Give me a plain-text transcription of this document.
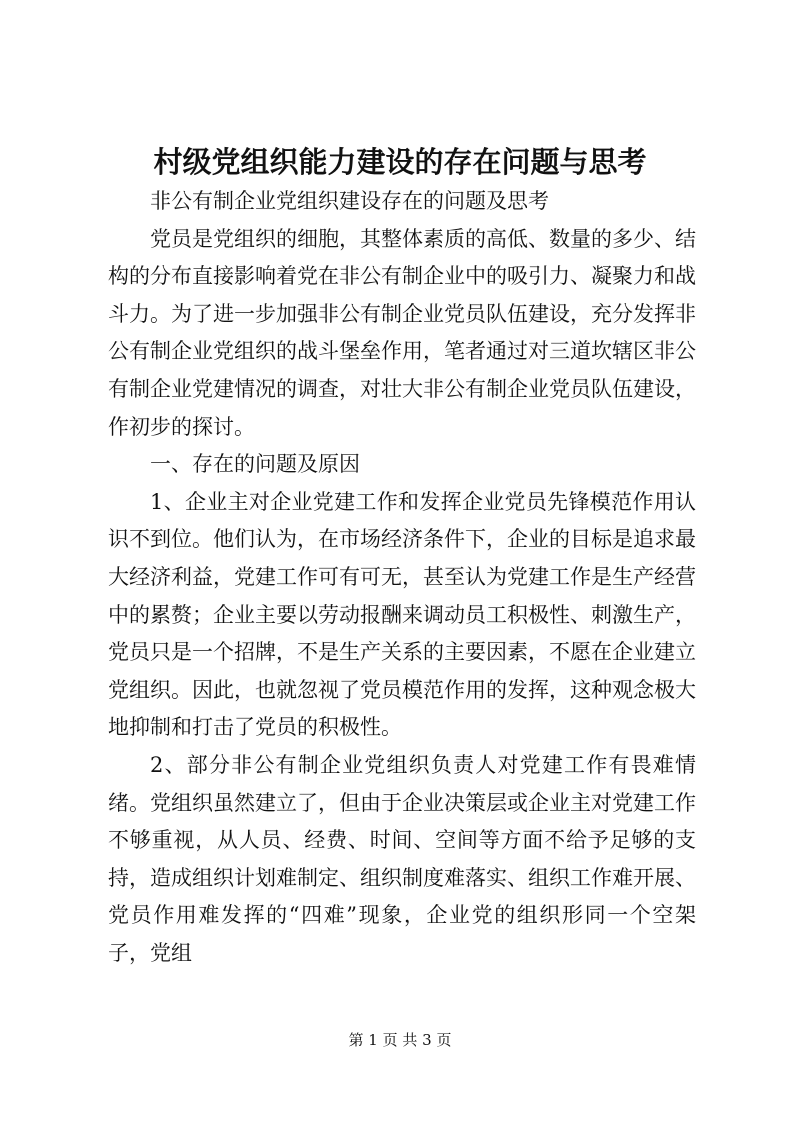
村级党组织能力建设的存在问题与思考

非公有制企业党组织建设存在的问题及思考

党员是党组织的细胞，其整体素质的高低、数量的多少、结构的分布直接影响着党在非公有制企业中的吸引力、凝聚力和战斗力。为了进一步加强非公有制企业党员队伍建设，充分发挥非公有制企业党组织的战斗堡垒作用，笔者通过对三道坎辖区非公有制企业党建情况的调查，对壮大非公有制企业党员队伍建设，作初步的探讨。

一、存在的问题及原因

1、企业主对企业党建工作和发挥企业党员先锋模范作用认识不到位。他们认为，在市场经济条件下，企业的目标是追求最大经济利益，党建工作可有可无，甚至认为党建工作是生产经营中的累赘；企业主要以劳动报酬来调动员工积极性、刺激生产，党员只是一个招牌，不是生产关系的主要因素，不愿在企业建立党组织。因此，也就忽视了党员模范作用的发挥，这种观念极大地抑制和打击了党员的积极性。

2、部分非公有制企业党组织负责人对党建工作有畏难情绪。党组织虽然建立了，但由于企业决策层或企业主对党建工作不够重视，从人员、经费、时间、空间等方面不给予足够的支持，造成组织计划难制定、组织制度难落实、组织工作难开展、党员作用难发挥的“四难”现象，企业党的组织形同一个空架子，党组

第 1 页 共 3 页
